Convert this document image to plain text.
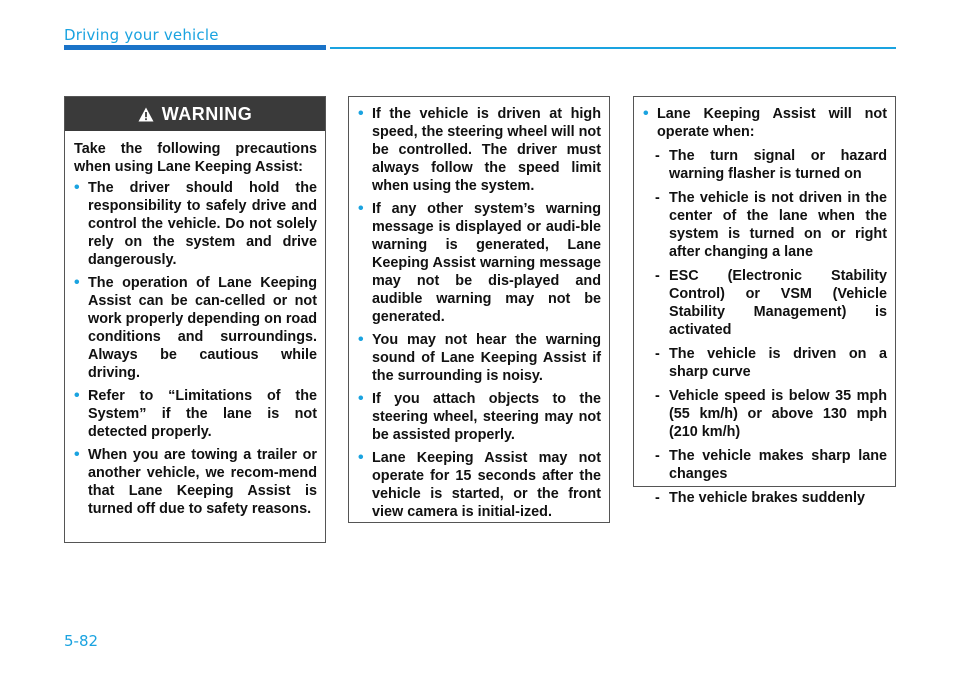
Driving your vehicle
WARNING

Take the following precautions when using Lane Keeping Assist:

• The driver should hold the responsibility to safely drive and control the vehicle. Do not solely rely on the system and drive dangerously.
• The operation of Lane Keeping Assist can be can-celled or not work properly depending on road conditions and surroundings. Always be cautious while driving.
• Refer to “Limitations of the System” if the lane is not detected properly.
• When you are towing a trailer or another vehicle, we recom-mend that Lane Keeping Assist is turned off due to safety reasons.
• If the vehicle is driven at high speed, the steering wheel will not be controlled. The driver must always follow the speed limit when using the system.
• If any other system’s warning message is displayed or audi-ble warning is generated, Lane Keeping Assist warning message may not be dis-played and audible warning may not be generated.
• You may not hear the warning sound of Lane Keeping Assist if the surrounding is noisy.
• If you attach objects to the steering wheel, steering may not be assisted properly.
• Lane Keeping Assist may not operate for 15 seconds after the vehicle is started, or the front view camera is initial-ized.
• Lane Keeping Assist will not operate when:
- The turn signal or hazard warning flasher is turned on
- The vehicle is not driven in the center of the lane when the system is turned on or right after changing a lane
- ESC (Electronic Stability Control) or VSM (Vehicle Stability Management) is activated
- The vehicle is driven on a sharp curve
- Vehicle speed is below 35 mph (55 km/h) or above 130 mph (210 km/h)
- The vehicle makes sharp lane changes
- The vehicle brakes suddenly
5-82
